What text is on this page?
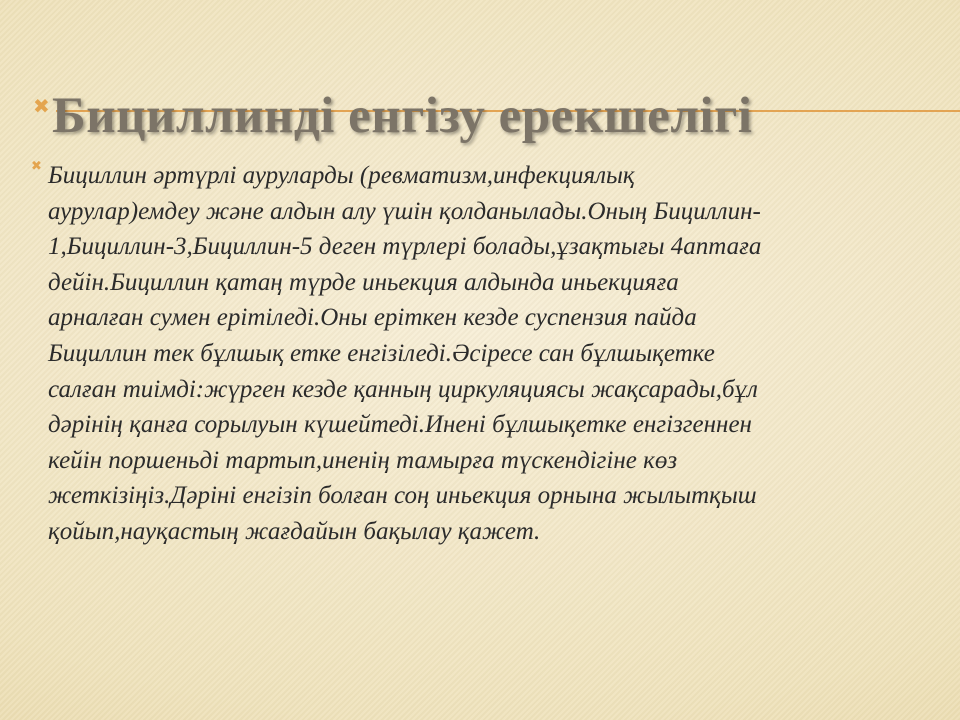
✖ Бициллинді енгізу ерекшелігі
✖ Бициллин әртүрлі ауруларды (ревматизм,инфекциялық
аурулар)емдеу және алдын алу үшін қолданылады.Оның Бициллин-
1,Бициллин-3,Бициллин-5 деген түрлері болады,ұзақтығы 4аптаға
дейін.Бициллин қатаң түрде иньекция алдында иньекцияға
арналған сумен ерітіледі.Оны ерiткен кезде суспензия пайда
Бициллин тек бұлшық етке енгiзiледi.Әсiресе сан бұлшықетке
салған тиiмдi:жүрген кезде қанның циркуляциясы жақсарады,бұл
дәрiнiң қанға сорылуын күшейтедi.Инені бұлшықетке енгізгеннен
кейін поршеньді тартып,иненің тамырға түскендігіне көз
жеткізіңіз.Дәріні енгізіп болған соң иньекция орнына жылытқыш
қойып,науқастың жағдайын бақылау қажет.
